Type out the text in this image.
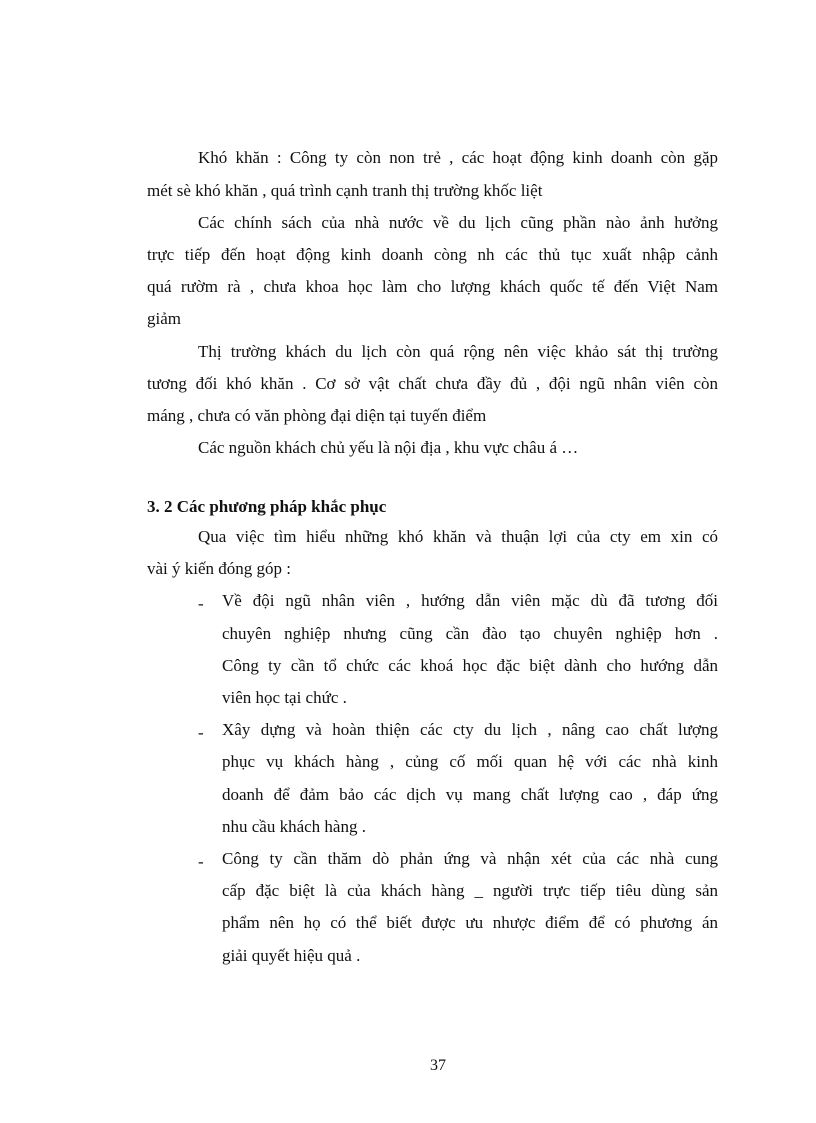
Khó khăn : Công ty còn non trẻ , các hoạt động kinh doanh còn gặp
mét sè khó khăn , quá trình cạnh tranh thị trường khốc liệt
Các chính sách của nhà nước về du lịch cũng phần nào ảnh hưởng
trực tiếp đến hoạt động kinh doanh còng nh các thủ tục xuất nhập cảnh
quá rườm rà , chưa khoa học làm cho lượng khách quốc tế đến Việt Nam
giảm
Thị trường khách du lịch còn quá rộng nên việc khảo sát thị trường
tương đối khó khăn . Cơ sở vật chất chưa đầy đủ , đội ngũ nhân viên còn
máng , chưa có văn phòng đại diện tại tuyến điểm
Các nguồn khách chủ yếu là nội địa , khu vực châu á …
3. 2 Các phương pháp khắc phục
Qua việc tìm hiểu những khó khăn và thuận lợi của cty em xin có
vài ý kiến đóng góp :
- Về đội ngũ nhân viên , hướng dẫn viên mặc dù đã tương đối
chuyên nghiệp nhưng cũng cần đào tạo chuyên nghiệp hơn .
Công ty cần tổ chức các khoá học đặc biệt dành cho hướng dẫn
viên học tại chức .
- Xây dựng và hoàn thiện các cty du lịch , nâng cao chất lượng
phục vụ khách hàng , củng cố mối quan hệ với các nhà kinh
doanh để đảm bảo các dịch vụ mang chất lượng cao , đáp ứng
nhu cầu khách hàng .
- Công ty cần thăm dò phản ứng và nhận xét của các nhà cung
cấp đặc biệt là của khách hàng _ người trực tiếp tiêu dùng sản
phẩm nên họ có thể biết được ưu nhược điểm để có phương án
giải quyết hiệu quả .
37
